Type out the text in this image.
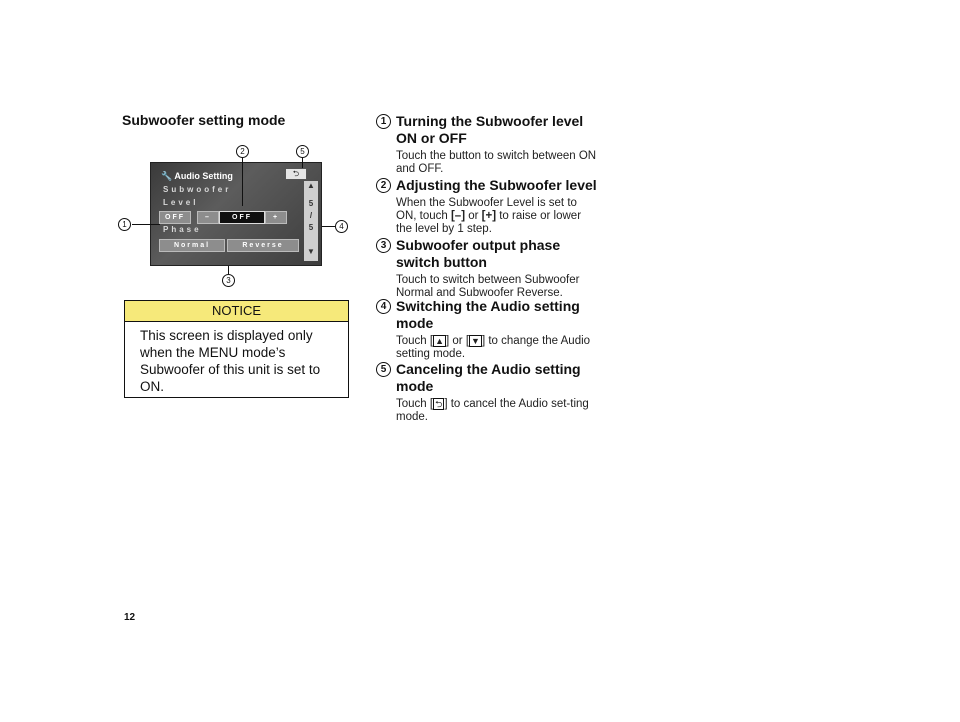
Subwoofer setting mode
🔧 Audio Setting
Subwoofer
Level
OFF	–	OFF	+
Phase
Normal	Reverse
⮌
▲
5
/
5
▼
1
2
3
4
5
NOTICE
This screen is displayed only when the MENU mode’s Subwoofer of this unit is set to ON.
1 Turning the Subwoofer level ON or OFF
Touch the button to switch between ON and OFF.
2 Adjusting the Subwoofer level
When the Subwoofer Level is set to ON, touch [–] or [+] to raise or lower the level by 1 step.
3 Subwoofer output phase switch button
Touch to switch between Subwoofer Normal and Subwoofer Reverse.
4 Switching the Audio setting mode
Touch [ ▲ ] or [ ▼ ] to change the Audio setting mode.
5 Canceling the Audio setting mode
Touch [ ⮌ ] to cancel the Audio set-ting mode.
12
